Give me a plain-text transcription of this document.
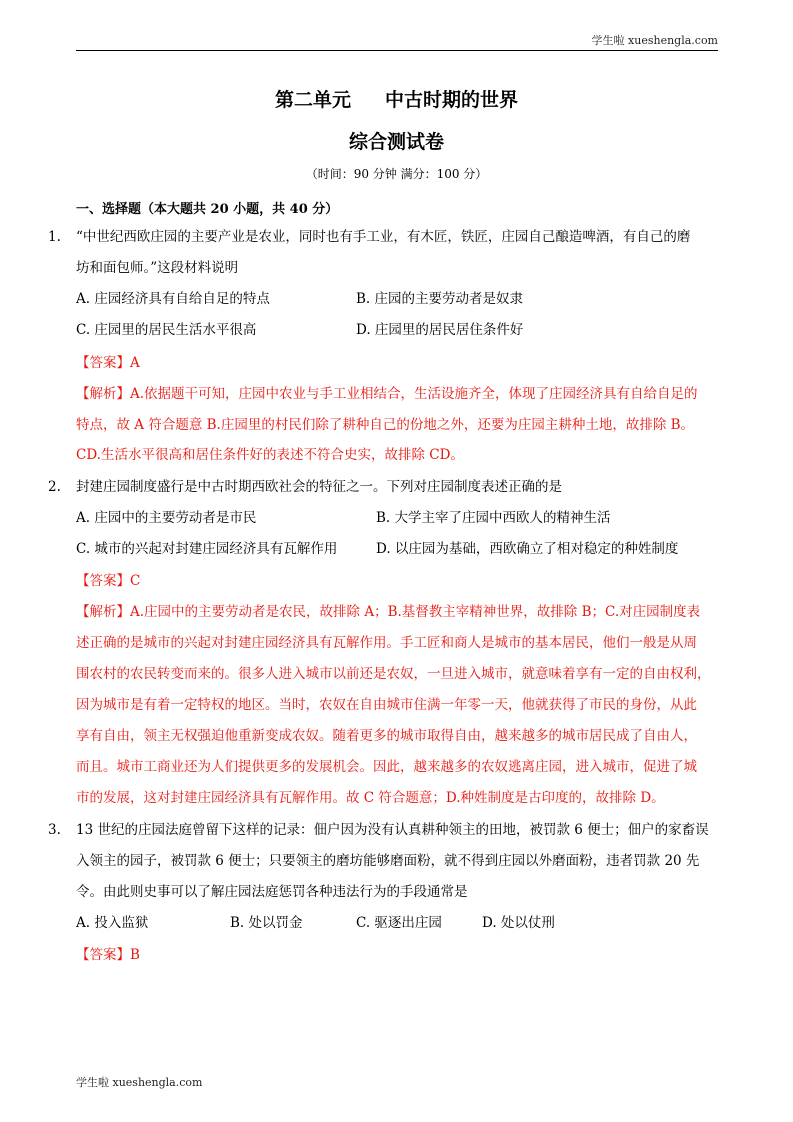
学生啦 xueshengla.com
第二单元 中古时期的世界
综合测试卷
（时间：90 分钟 满分：100 分）
一、选择题（本大题共 20 小题，共 40 分）
1. “中世纪西欧庄园的主要产业是农业，同时也有手工业，有木匠，铁匠，庄园自己酿造啤酒，有自己的磨
坊和面包师。”这段材料说明
A. 庄园经济具有自给自足的特点	B. 庄园的主要劳动者是奴隶
C. 庄园里的居民生活水平很高	D. 庄园里的居民居住条件好
【答案】A
【解析】A.依据题干可知，庄园中农业与手工业相结合，生活设施齐全，体现了庄园经济具有自给自足的
特点，故 A 符合题意 B.庄园里的村民们除了耕种自己的份地之外，还要为庄园主耕种土地，故排除 B。
CD.生活水平很高和居住条件好的表述不符合史实，故排除 CD。
2. 封建庄园制度盛行是中古时期西欧社会的特征之一。下列对庄园制度表述正确的是
A. 庄园中的主要劳动者是市民	B. 大学主宰了庄园中西欧人的精神生活
C. 城市的兴起对封建庄园经济具有瓦解作用	D. 以庄园为基础，西欧确立了相对稳定的种姓制度
【答案】C
【解析】A.庄园中的主要劳动者是农民，故排除 A；B.基督教主宰精神世界，故排除 B；C.对庄园制度表
述正确的是城市的兴起对封建庄园经济具有瓦解作用。手工匠和商人是城市的基本居民，他们一般是从周
围农村的农民转变而来的。很多人进入城市以前还是农奴，一旦进入城市，就意味着享有一定的自由权利，
因为城市是有着一定特权的地区。当时，农奴在自由城市住满一年零一天，他就获得了市民的身份，从此
享有自由，领主无权强迫他重新变成农奴。随着更多的城市取得自由，越来越多的城市居民成了自由人，
而且。城市工商业还为人们提供更多的发展机会。因此，越来越多的农奴逃离庄园，进入城市，促进了城
市的发展，这对封建庄园经济具有瓦解作用。故 C 符合题意；D.种姓制度是古印度的，故排除 D。
3. 13 世纪的庄园法庭曾留下这样的记录：佃户因为没有认真耕种领主的田地，被罚款 6 便士；佃户的家畜误
入领主的园子，被罚款 6 便士；只要领主的磨坊能够磨面粉，就不得到庄园以外磨面粉，违者罚款 20 先
令。由此则史事可以了解庄园法庭惩罚各种违法行为的手段通常是
A. 投入监狱	B. 处以罚金	C. 驱逐出庄园	D. 处以仗刑
【答案】B
学生啦 xueshengla.com
